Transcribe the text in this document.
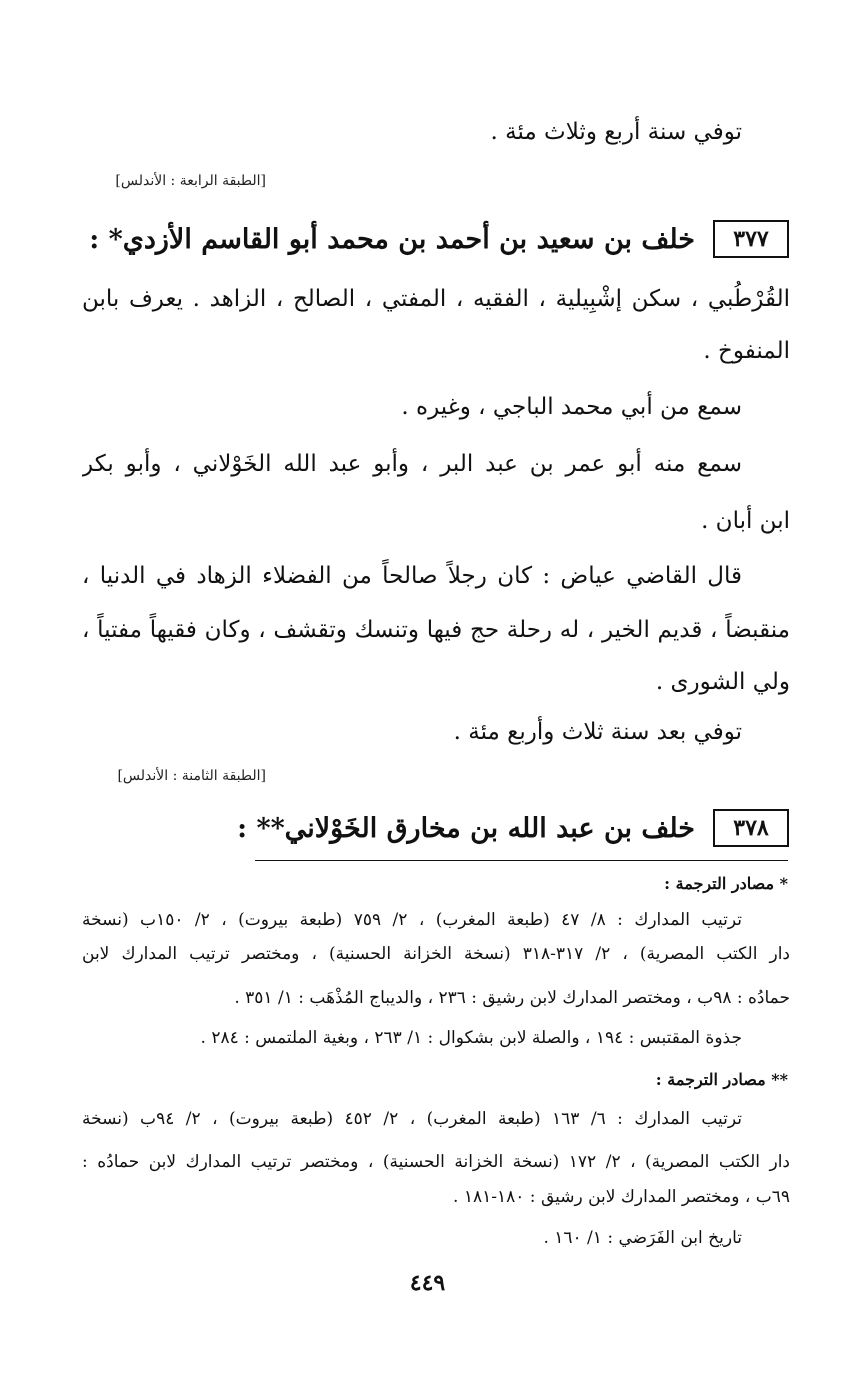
توفي سنة أربع وثلاث مئة .
[الطبقة الرابعة : الأندلس]
٣٧٧
خلف بن سعيد بن أحمد بن محمد أبو القاسم الأزدي* :
القُرْطُبي ، سكن إشْبِيلية ، الفقيه ، المفتي ، الصالح ، الزاهد . يعرف بابن
المنفوخ .
سمع من أبي محمد الباجي ، وغيره .
سمع منه أبو عمر بن عبد البر ، وأبو عبد الله الخَوْلاني ، وأبو بكر
ابن أبان .
قال القاضي عياض : كان رجلاً صالحاً من الفضلاء الزهاد في الدنيا ،
منقبضاً ، قديم الخير ، له رحلة حج فيها وتنسك وتقشف ، وكان فقيهاً مفتياً ،
ولي الشورى .
توفي بعد سنة ثلاث وأربع مئة .
[الطبقة الثامنة : الأندلس]
٣٧٨
خلف بن عبد الله بن مخارق الخَوْلاني** :
* مصادر الترجمة :
ترتيب المدارك : ٨/ ٤٧ (طبعة المغرب) ، ٢/ ٧٥٩ (طبعة بيروت) ، ٢/ ١٥٠ب (نسخة
دار الكتب المصرية) ، ٢/ ٣١٧-٣١٨ (نسخة الخزانة الحسنية) ، ومختصر ترتيب المدارك لابن
حمادُه : ٩٨ب ، ومختصر المدارك لابن رشيق : ٢٣٦ ، والديباج المُذْهَب : ١/ ٣٥١ .
جذوة المقتبس : ١٩٤ ، والصلة لابن بشكوال : ١/ ٢٦٣ ، وبغية الملتمس : ٢٨٤ .
** مصادر الترجمة :
ترتيب المدارك : ٦/ ١٦٣ (طبعة المغرب) ، ٢/ ٤٥٢ (طبعة بيروت) ، ٢/ ٩٤ب (نسخة
دار الكتب المصرية) ، ٢/ ١٧٢ (نسخة الخزانة الحسنية) ، ومختصر ترتيب المدارك لابن حمادُه :
٦٩ب ، ومختصر المدارك لابن رشيق : ١٨٠-١٨١ .
تاريخ ابن الفَرَضي : ١/ ١٦٠ .
٤٤٩
